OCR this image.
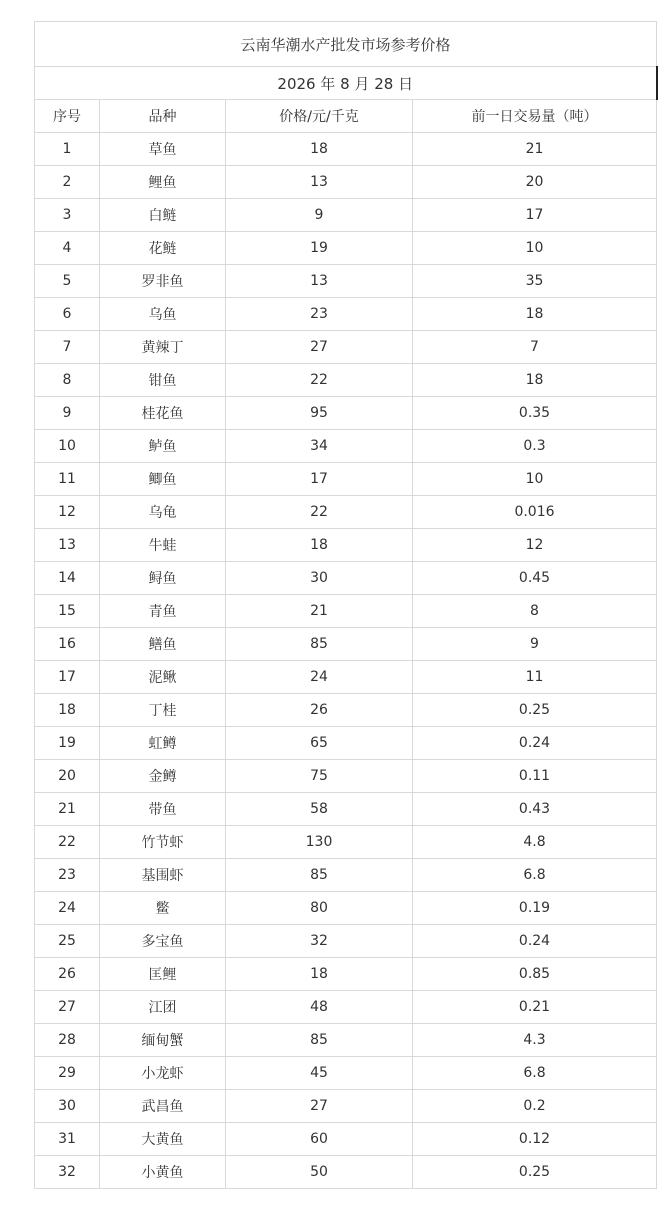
云南华潮水产批发市场参考价格			
2026 年 8 月 28 日			
序号	品种	价格/元/千克	前一日交易量（吨）
1	草鱼	18	21
2	鲤鱼	13	20
3	白鲢	9	17
4	花鲢	19	10
5	罗非鱼	13	35
6	乌鱼	23	18
7	黄辣丁	27	7
8	钳鱼	22	18
9	桂花鱼	95	0.35
10	鲈鱼	34	0.3
11	鲫鱼	17	10
12	乌龟	22	0.016
13	牛蛙	18	12
14	鲟鱼	30	0.45
15	青鱼	21	8
16	鳝鱼	85	9
17	泥鳅	24	11
18	丁桂	26	0.25
19	虹鳟	65	0.24
20	金鳟	75	0.11
21	带鱼	58	0.43
22	竹节虾	130	4.8
23	基围虾	85	6.8
24	鳖	80	0.19
25	多宝鱼	32	0.24
26	匡鲤	18	0.85
27	江团	48	0.21
28	缅甸蟹	85	4.3
29	小龙虾	45	6.8
30	武昌鱼	27	0.2
31	大黄鱼	60	0.12
32	小黄鱼	50	0.25
